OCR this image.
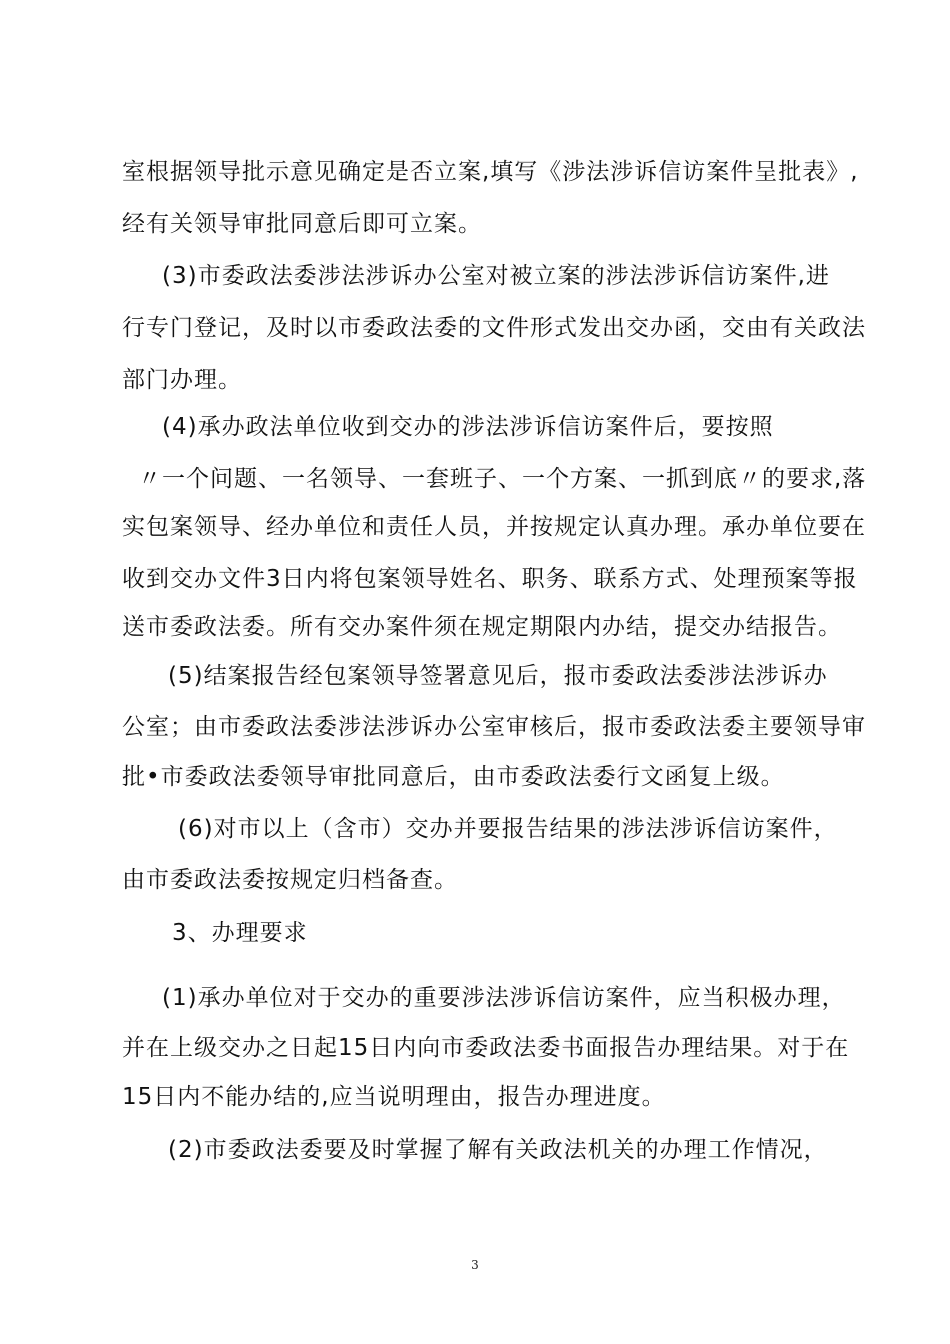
室根据领导批示意见确定是否立案,填写《涉法涉诉信访案件呈批表》,
经有关领导审批同意后即可立案。
(3)市委政法委涉法涉诉办公室对被立案的涉法涉诉信访案件,进
行专门登记，及时以市委政法委的文件形式发出交办函，交由有关政法
部门办理。
(4)承办政法单位收到交办的涉法涉诉信访案件后，要按照
〃一个问题、一名领导、一套班子、一个方案、一抓到底〃的要求,落
实包案领导、经办单位和责任人员，并按规定认真办理。承办单位要在
收到交办文件3日内将包案领导姓名、职务、联系方式、处理预案等报
送市委政法委。所有交办案件须在规定期限内办结，提交办结报告。
(5)结案报告经包案领导签署意见后，报市委政法委涉法涉诉办
公室；由市委政法委涉法涉诉办公室审核后，报市委政法委主要领导审
批•市委政法委领导审批同意后，由市委政法委行文函复上级。
(6)对市以上（含市）交办并要报告结果的涉法涉诉信访案件，
由市委政法委按规定归档备查。
3、办理要求
(1)承办单位对于交办的重要涉法涉诉信访案件，应当积极办理，
并在上级交办之日起15日内向市委政法委书面报告办理结果。对于在
15日内不能办结的,应当说明理由，报告办理进度。
(2)市委政法委要及时掌握了解有关政法机关的办理工作情况，
3
